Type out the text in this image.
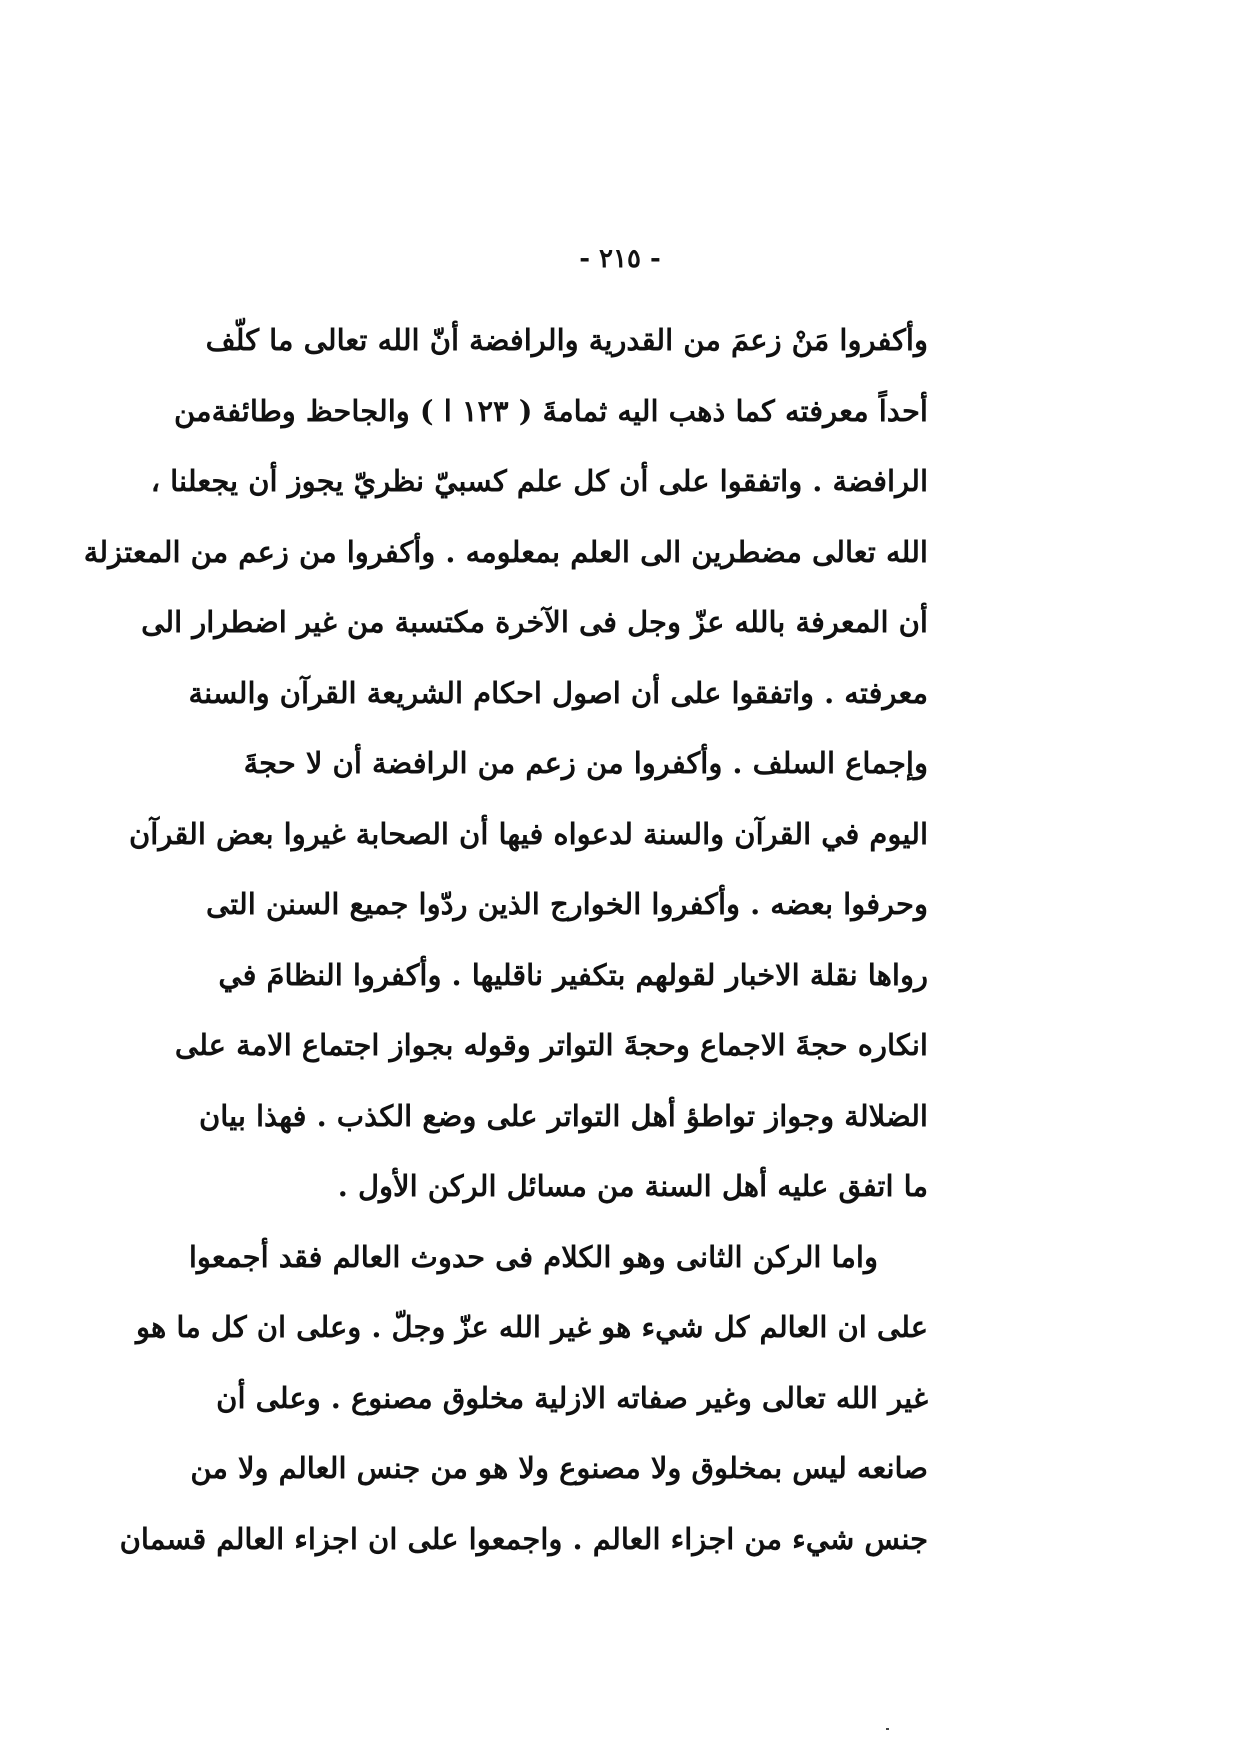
- ٢١٥ -
وأكفروا مَنْ زعمَ من القدرية والرافضة أنّ الله تعالى ما كلّف
أحداً معرفته كما ذهب اليه ثمامةَ ( ١٢٣ ا ) والجاحظ وطائفةمن
الرافضة . واتفقوا على أن كل علم كسبيّ نظريّ يجوز أن يجعلنا ،
الله تعالى مضطرين الى العلم بمعلومه . وأكفروا من زعم من المعتزلة
أن المعرفة بالله عزّ وجل فى الآخرة مكتسبة من غير اضطرار الى
معرفته . واتفقوا على أن اصول احكام الشريعة القرآن والسنة
وإجماع السلف . وأكفروا من زعم من الرافضة أن لا حجةَ
اليوم في القرآن والسنة لدعواه فيها أن الصحابة غيروا بعض القرآن
وحرفوا بعضه . وأكفروا الخوارج الذين ردّوا جميع السنن التى
رواها نقلة الاخبار لقولهم بتكفير ناقليها . وأكفروا النظامَ في
انكاره حجةَ الاجماع وحجةَ التواتر وقوله بجواز اجتماع الامة على
الضلالة وجواز تواطؤ أهل التواتر على وضع الكذب . فهذا بيان
ما اتفق عليه أهل السنة من مسائل الركن الأول .
واما الركن الثانى وهو الكلام فى حدوث العالم فقد أجمعوا
على ان العالم كل شيء هو غير الله عزّ وجلّ . وعلى ان كل ما هو
غير الله تعالى وغير صفاته الازلية مخلوق مصنوع . وعلى أن
صانعه ليس بمخلوق ولا مصنوع ولا هو من جنس العالم ولا من
جنس شيء من اجزاء العالم . واجمعوا على ان اجزاء العالم قسمان
